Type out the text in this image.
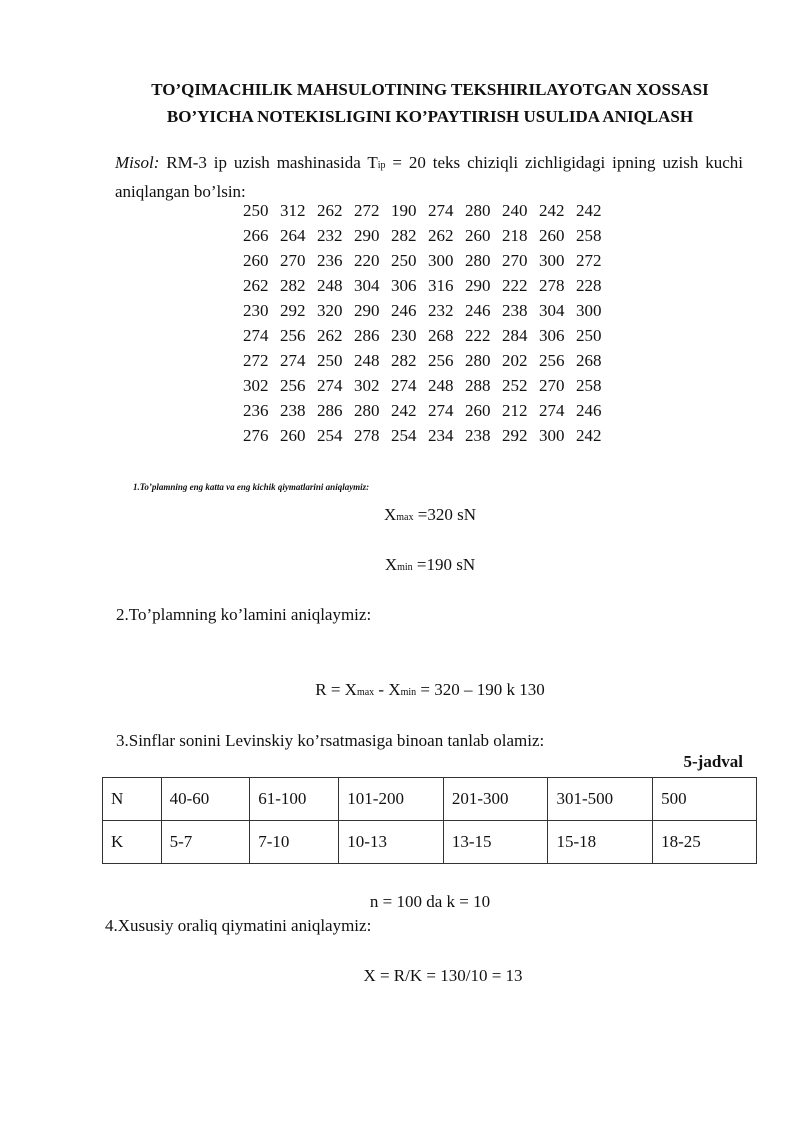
TO’QIMACHILIK MAHSULOTINING TEKSHIRILAYOTGAN XOSSASI
BO’YICHA NOTEKISLIGINI KO’PAYTIRISH USULIDA ANIQLASH
Misol: RM-3 ip uzish mashinasida Tip = 20 teks chiziqli zichligidagi ipning uzish kuchi aniqlangan bo’lsin:
250 312 262 272 190 274 280 240 242 242
266 264 232 290 282 262 260 218 260 258
260 270 236 220 250 300 280 270 300 272
262 282 248 304 306 316 290 222 278 228
230 292 320 290 246 232 246 238 304 300
274 256 262 286 230 268 222 284 306 250
272 274 250 248 282 256 280 202 256 268
302 256 274 302 274 248 288 252 270 258
236 238 286 280 242 274 260 212 274 246
276 260 254 278 254 234 238 292 300 242
1.To’plamning eng katta va eng kichik qiymatlarini aniqlaymiz:
Xmax =320 sN
Xmin =190 sN
2.To’plamning ko’lamini aniqlaymiz:
R = Xmax - Xmin = 320 – 190 k 130
3.Sinflar sonini Levinskiy ko’rsatmasiga binoan tanlab olamiz:
5-jadval
N	40-60	61-100	101-200	201-300	301-500	500
K	5-7	7-10	10-13	13-15	15-18	18-25
n = 100 da k = 10
4.Xususiy oraliq qiymatini aniqlaymiz:
X = R/K = 130/10 = 13
